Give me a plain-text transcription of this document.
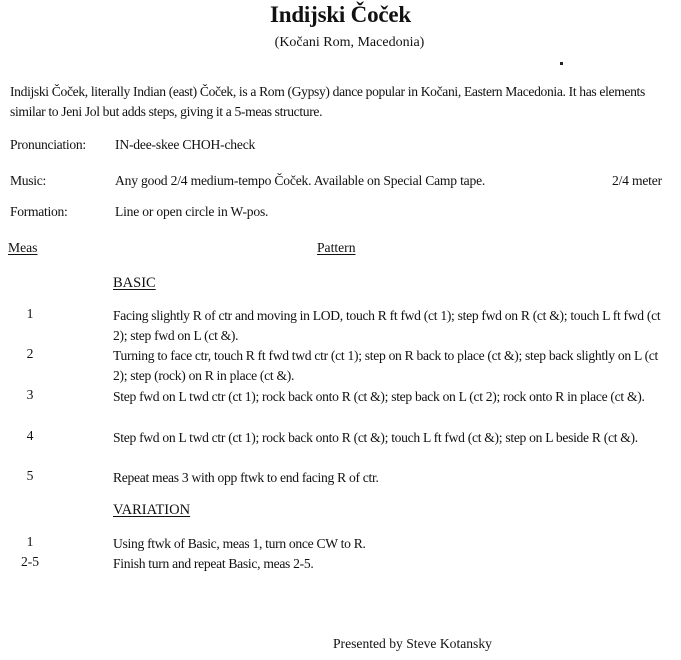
Indijski Čoček
(Kočani Rom, Macedonia)
Indijski Čoček, literally Indian (east) Čoček, is a Rom (Gypsy) dance popular in Kočani, Eastern Macedonia. It has elements similar to Jeni Jol but adds steps, giving it a 5-meas structure.
Pronunciation: IN-dee-skee CHOH-check
Music:	Any good 2/4 medium-tempo Čoček. Available on Special Camp tape.	2/4 meter
Formation:	Line or open circle in W-pos.
Meas	Pattern
BASIC
1	Facing slightly R of ctr and moving in LOD, touch R ft fwd (ct 1); step fwd on R (ct &); touch L ft fwd (ct 2); step fwd on L (ct &).
2	Turning to face ctr, touch R ft fwd twd ctr (ct 1); step on R back to place (ct &); step back slightly on L (ct 2); step (rock) on R in place (ct &).
3	Step fwd on L twd ctr (ct 1); rock back onto R (ct &); step back on L (ct 2); rock onto R in place (ct &).
4	Step fwd on L twd ctr (ct 1); rock back onto R (ct &); touch L ft fwd (ct &); step on L beside R (ct &).
5	Repeat meas 3 with opp ftwk to end facing R of ctr.
VARIATION
1	Using ftwk of Basic, meas 1, turn once CW to R.
2-5	Finish turn and repeat Basic, meas 2-5.
Presented by Steve Kotansky
